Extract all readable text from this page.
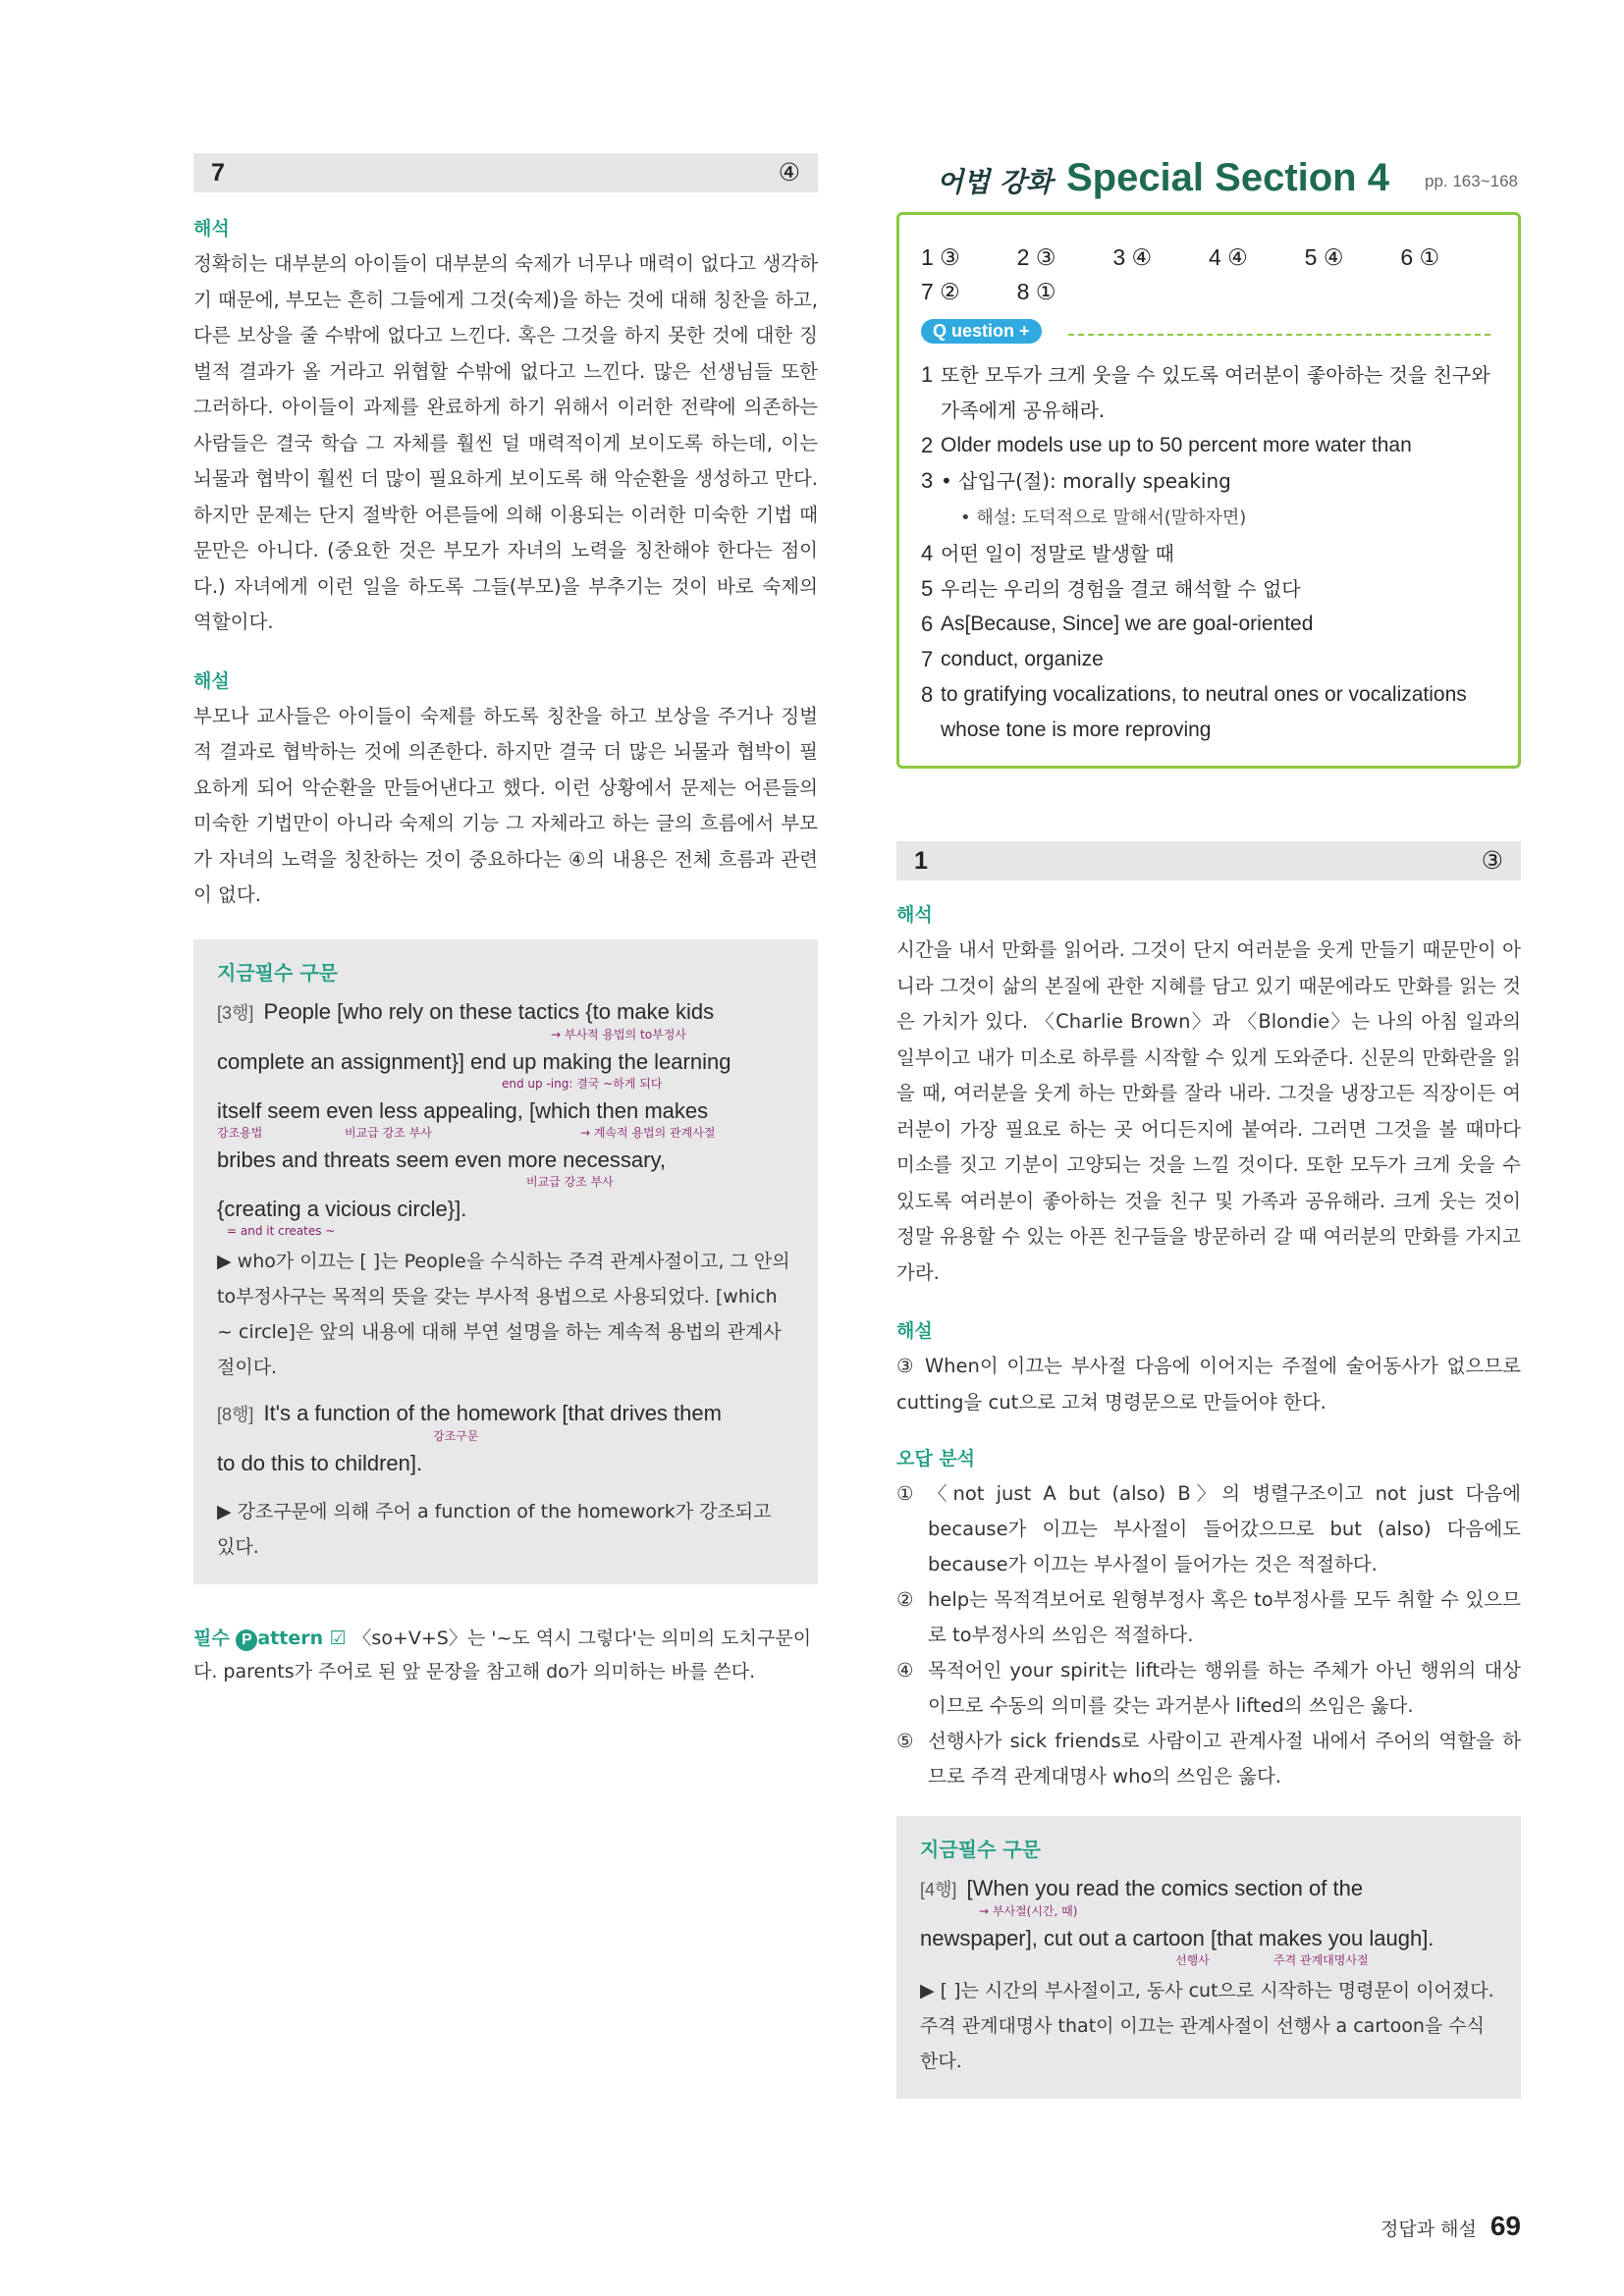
7	④
해석

정확히는 대부분의 아이들이 대부분의 숙제가 너무나 매력이 없다고 생각하기 때문에, 부모는 흔히 그들에게 그것(숙제)을 하는 것에 대해 칭찬을 하고, 다른 보상을 줄 수밖에 없다고 느낀다. 혹은 그것을 하지 못한 것에 대한 징벌적 결과가 올 거라고 위협할 수밖에 없다고 느낀다. 많은 선생님들 또한 그러하다. 아이들이 과제를 완료하게 하기 위해서 이러한 전략에 의존하는 사람들은 결국 학습 그 자체를 훨씬 덜 매력적이게 보이도록 하는데, 이는 뇌물과 협박이 훨씬 더 많이 필요하게 보이도록 해 악순환을 생성하고 만다. 하지만 문제는 단지 절박한 어른들에 의해 이용되는 이러한 미숙한 기법 때문만은 아니다. (중요한 것은 부모가 자녀의 노력을 칭찬해야 한다는 점이다.) 자녀에게 이런 일을 하도록 그들(부모)을 부추기는 것이 바로 숙제의 역할이다.

해설

부모나 교사들은 아이들이 숙제를 하도록 칭찬을 하고 보상을 주거나 징벌적 결과로 협박하는 것에 의존한다. 하지만 결국 더 많은 뇌물과 협박이 필요하게 되어 악순환을 만들어낸다고 했다. 이런 상황에서 문제는 어른들의 미숙한 기법만이 아니라 숙제의 기능 그 자체라고 하는 글의 흐름에서 부모가 자녀의 노력을 칭찬하는 것이 중요하다는 ④의 내용은 전체 흐름과 관련이 없다.

지금필수 구문
[3행] People [who rely on these tactics {to make kids
→ 부사적 용법의 to부정사
complete an assignment}] end up making the learning
end up -ing: 결국 ~하게 되다
itself seem even less appealing, [which then makes
강조용법	비교급 강조 부사	→ 계속적 용법의 관계사절
bribes and threats seem even more necessary,
비교급 강조 부사
{creating a vicious circle}].
= and it creates ~

▶ who가 이끄는 [ ]는 People을 수식하는 주격 관계사절이고, 그 안의 to부정사구는 목적의 뜻을 갖는 부사적 용법으로 사용되었다. [which ~ circle]은 앞의 내용에 대해 부연 설명을 하는 계속적 용법의 관계사절이다.

[8행] It's a function of the homework [that drives them
강조구문
to do this to children].

▶ 강조구문에 의해 주어 a function of the homework가 강조되고 있다.

필수 P attern ☑ 〈so+V+S〉는 '~도 역시 그렇다'는 의미의 도치구문이다. parents가 주어로 된 앞 문장을 참고해 do가 의미하는 바를 쓴다.
어법 강화 Special Section 4 pp. 163~168
1 ③	2 ③	3 ④	4 ④	5 ④	6 ①
7 ②	8 ①
Q uestion +
1 또한 모두가 크게 웃을 수 있도록 여러분이 좋아하는 것을 친구와 가족에게 공유해라.
2 Older models use up to 50 percent more water than
3 • 삽입구(절): morally speaking
• 해설: 도덕적으로 말해서(말하자면)
4 어떤 일이 정말로 발생할 때
5 우리는 우리의 경험을 결코 해석할 수 없다
6 As[Because, Since] we are goal-oriented
7 conduct, organize
8 to gratifying vocalizations, to neutral ones or vocalizations whose tone is more reproving
1	③
해석

시간을 내서 만화를 읽어라. 그것이 단지 여러분을 웃게 만들기 때문만이 아니라 그것이 삶의 본질에 관한 지혜를 담고 있기 때문에라도 만화를 읽는 것은 가치가 있다. 〈Charlie Brown〉과 〈Blondie〉는 나의 아침 일과의 일부이고 내가 미소로 하루를 시작할 수 있게 도와준다. 신문의 만화란을 읽을 때, 여러분을 웃게 하는 만화를 잘라 내라. 그것을 냉장고든 직장이든 여러분이 가장 필요로 하는 곳 어디든지에 붙여라. 그러면 그것을 볼 때마다 미소를 짓고 기분이 고양되는 것을 느낄 것이다. 또한 모두가 크게 웃을 수 있도록 여러분이 좋아하는 것을 친구 및 가족과 공유해라. 크게 웃는 것이 정말 유용할 수 있는 아픈 친구들을 방문하러 갈 때 여러분의 만화를 가지고 가라.

해설

③ When이 이끄는 부사절 다음에 이어지는 주절에 술어동사가 없으므로 cutting을 cut으로 고쳐 명령문으로 만들어야 한다.

오답 분석
① 〈not just A but (also) B〉의 병렬구조이고 not just 다음에 because가 이끄는 부사절이 들어갔으므로 but (also) 다음에도 because가 이끄는 부사절이 들어가는 것은 적절하다.
② help는 목적격보어로 원형부정사 혹은 to부정사를 모두 취할 수 있으므로 to부정사의 쓰임은 적절하다.
④ 목적어인 your spirit는 lift라는 행위를 하는 주체가 아닌 행위의 대상이므로 수동의 의미를 갖는 과거분사 lifted의 쓰임은 옳다.
⑤ 선행사가 sick friends로 사람이고 관계사절 내에서 주어의 역할을 하므로 주격 관계대명사 who의 쓰임은 옳다.
지금필수 구문
[4행] [When you read the comics section of the
→ 부사절(시간, 때)
newspaper], cut out a cartoon [that makes you laugh].
선행사	주격 관계대명사절

▶ [ ]는 시간의 부사절이고, 동사 cut으로 시작하는 명령문이 이어졌다. 주격 관계대명사 that이 이끄는 관계사절이 선행사 a cartoon을 수식한다.

정답과 해설 69
